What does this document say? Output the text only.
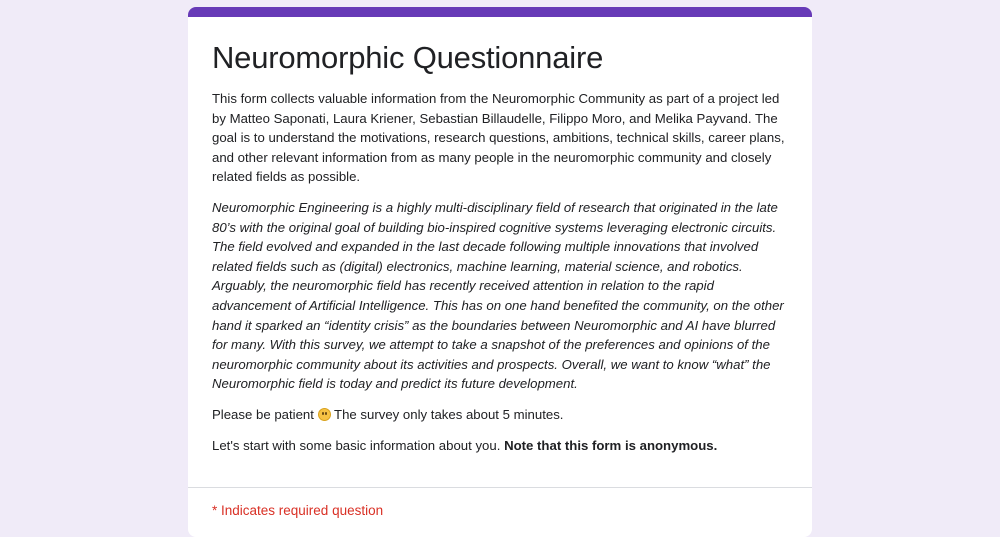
Neuromorphic Questionnaire

This form collects valuable information from the Neuromorphic Community as part of a project led by Matteo Saponati, Laura Kriener, Sebastian Billaudelle, Filippo Moro, and Melika Payvand. The goal is to understand the motivations, research questions, ambitions, technical skills, career plans, and other relevant information from as many people in the neuromorphic community and closely related fields as possible.

Neuromorphic Engineering is a highly multi-disciplinary field of research that originated in the late 80’s with the original goal of building bio-inspired cognitive systems leveraging electronic circuits. The field evolved and expanded in the last decade following multiple innovations that involved related fields such as (digital) electronics, machine learning, material science, and robotics. Arguably, the neuromorphic field has recently received attention in relation to the rapid advancement of Artificial Intelligence. This has on one hand benefited the community, on the other hand it sparked an “identity crisis” as the boundaries between Neuromorphic and AI have blurred for many. With this survey, we attempt to take a snapshot of the preferences and opinions of the neuromorphic community about its activities and prospects. Overall, we want to know “what” the Neuromorphic field is today and predict its future development.

Please be patient The survey only takes about 5 minutes.

Let's start with some basic information about you. Note that this form is anonymous.

* Indicates required question
